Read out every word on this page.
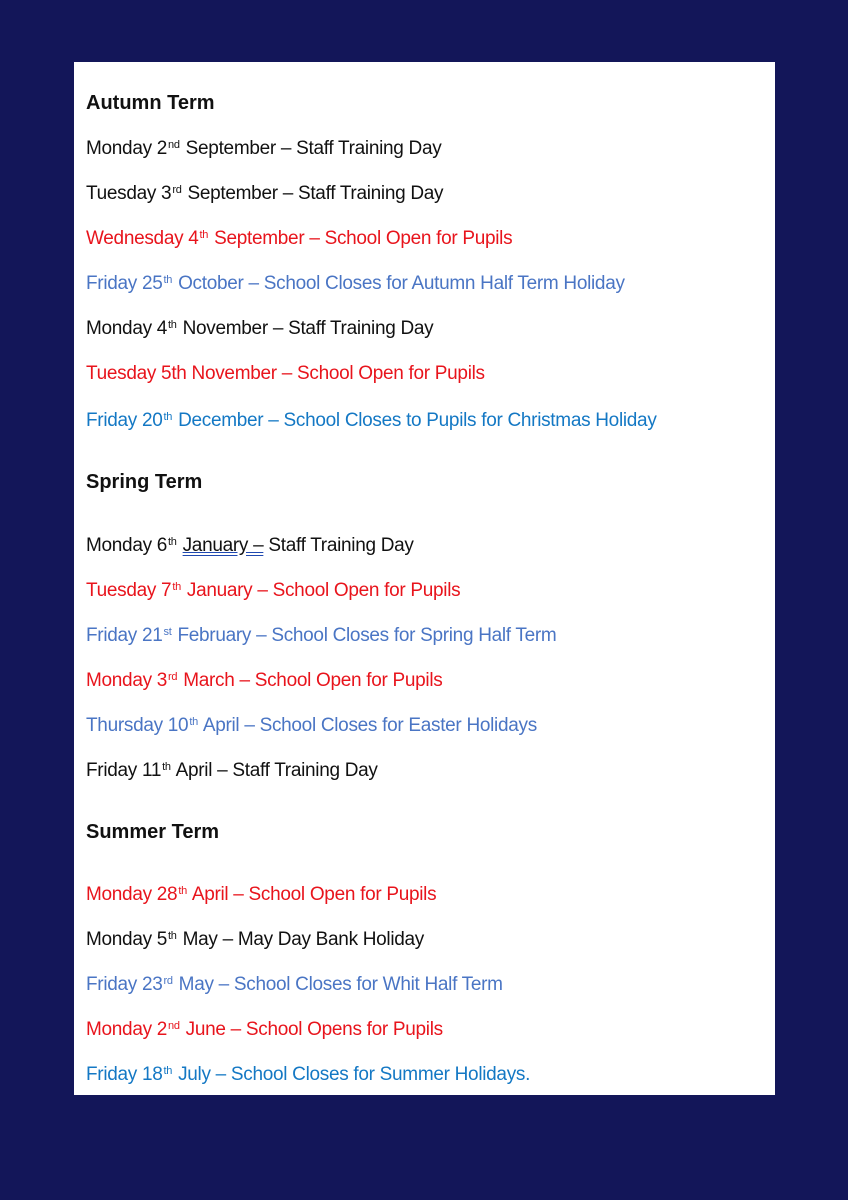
Autumn Term
Monday 2nd September – Staff Training Day
Tuesday 3rd September – Staff Training Day
Wednesday 4th September – School Open for Pupils
Friday 25th October – School Closes for Autumn Half Term Holiday
Monday 4th November – Staff Training Day
Tuesday 5th November – School Open for Pupils
Friday 20th December – School Closes to Pupils for Christmas Holiday
Spring Term
Monday 6th January – Staff Training Day
Tuesday 7th January – School Open for Pupils
Friday 21st February – School Closes for Spring Half Term
Monday 3rd March – School Open for Pupils
Thursday 10th April – School Closes for Easter Holidays
Friday 11th April – Staff Training Day
Summer Term
Monday 28th April – School Open for Pupils
Monday 5th May – May Day Bank Holiday
Friday 23rd May – School Closes for Whit Half Term
Monday 2nd June – School Opens for Pupils
Friday 18th July – School Closes for Summer Holidays.
